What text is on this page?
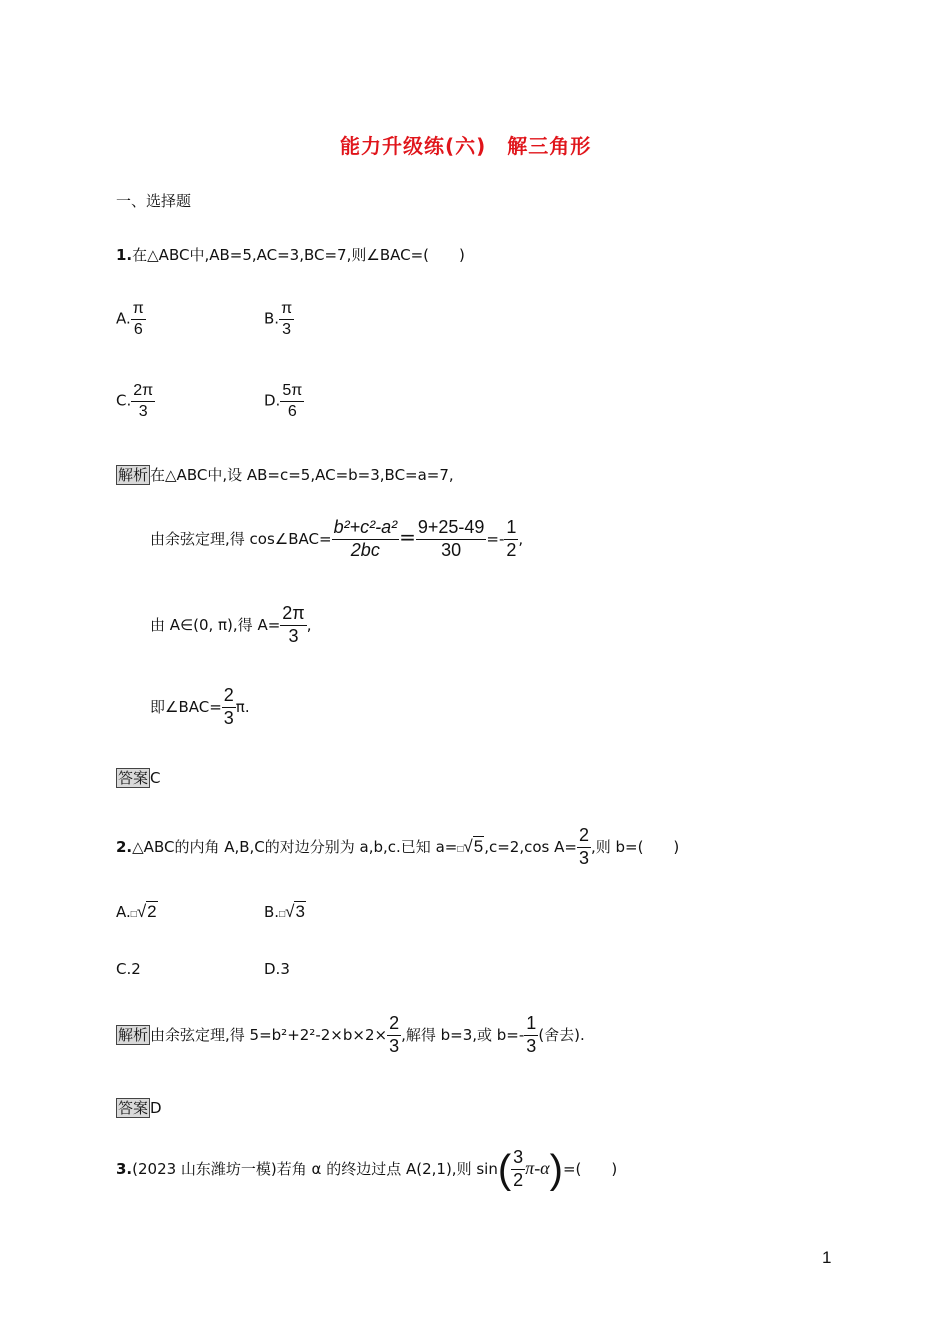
能力升级练(六)　解三角形
一、选择题
1.在△ABC中,AB=5,AC=3,BC=7,则∠BAC=(　　)
A. $\frac{\pi}{6}$	B. $\frac{\pi}{3}$
C. $\frac{2\pi}{3}$	D. $\frac{5\pi}{6}$
解析 在△ABC中,设 AB=c=5,AC=b=3,BC=a=7,
由余弦定理,得 cos∠BAC= $\frac{\text{b²+c²-a²}}{2bc} = \frac{9+25-49}{30} =- \frac{1}{2}$ ,
由 A∈(0, π),得 $A= \frac{2\pi}{3}$ ,
即∠BAC= $\frac{2}{3} \pi$.
答案 C
2.△ABC的内角 A,B,C的对边分别为 a,b,c.已知 a=□√5,c=2,cos $A= \frac{2}{3}$ ,则 b=(　　)
A.□√2	B.□√3
C.2	D.3
解析 由余弦定理,得 $5=b^2+2^2-2\times b\times 2\times \frac{2}{3}$ ,解得 b=3,或 $b=- \frac{1}{3}$ (舍去).
答案 D
3.(2023 山东潍坊一模)若角 α 的终边过点 A(2,1),则 $\sin( \frac{3}{2} \pi-\alpha)=$(　　)
1
